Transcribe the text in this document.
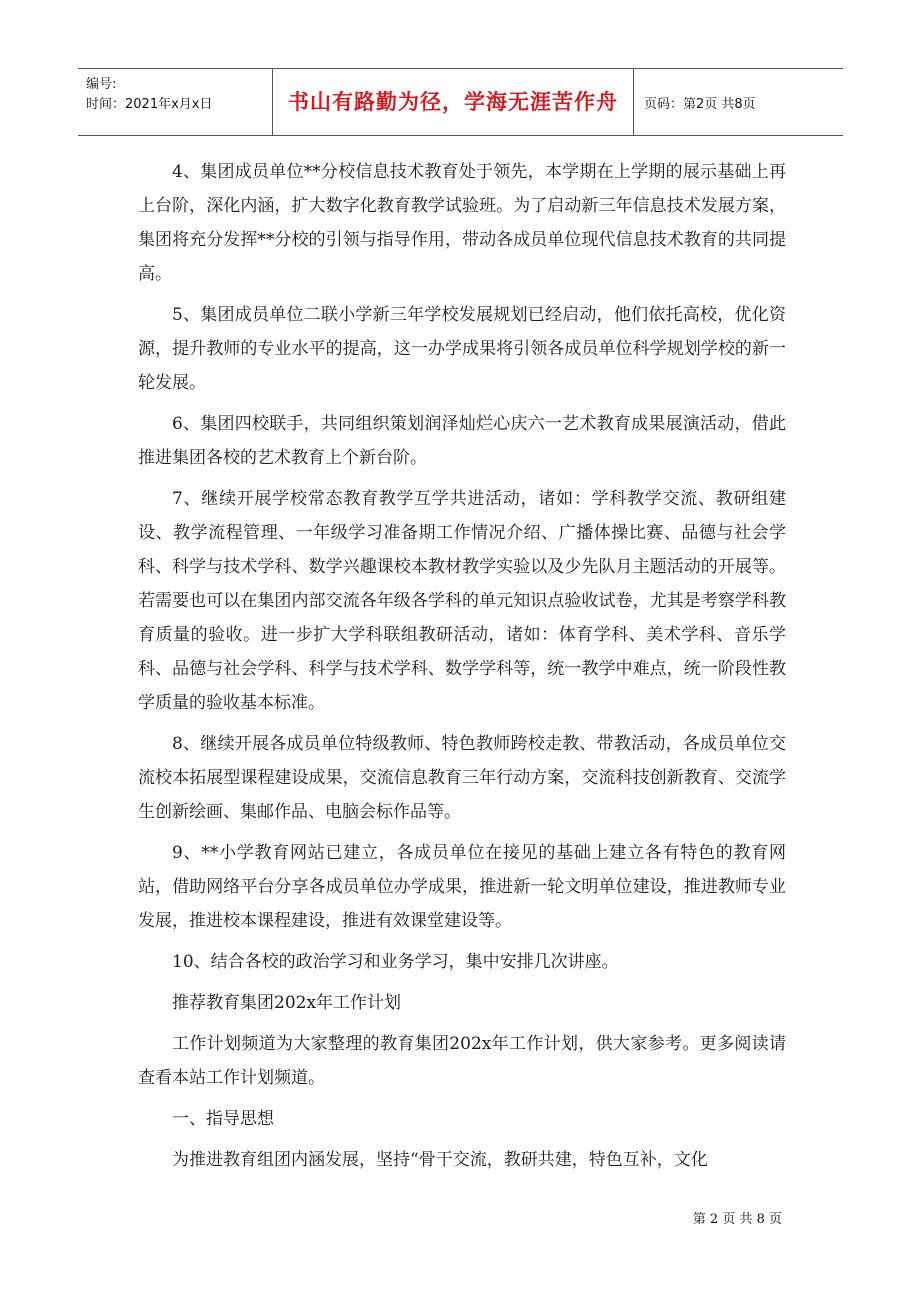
编号:
时间：2021年x月x日	书山有路勤为径，学海无涯苦作舟	页码：第2页 共8页

4、集团成员单位**分校信息技术教育处于领先，本学期在上学期的展示基础上再上台阶，深化内涵，扩大数字化教育教学试验班。为了启动新三年信息技术发展方案，集团将充分发挥**分校的引领与指导作用，带动各成员单位现代信息技术教育的共同提高。

5、集团成员单位二联小学新三年学校发展规划已经启动，他们依托高校，优化资源，提升教师的专业水平的提高，这一办学成果将引领各成员单位科学规划学校的新一轮发展。

6、集团四校联手，共同组织策划润泽灿烂心庆六一艺术教育成果展演活动，借此推进集团各校的艺术教育上个新台阶。

7、继续开展学校常态教育教学互学共进活动，诸如：学科教学交流、教研组建设、教学流程管理、一年级学习准备期工作情况介绍、广播体操比赛、品德与社会学科、科学与技术学科、数学兴趣课校本教材教学实验以及少先队月主题活动的开展等。若需要也可以在集团内部交流各年级各学科的单元知识点验收试卷，尤其是考察学科教育质量的验收。进一步扩大学科联组教研活动，诸如：体育学科、美术学科、音乐学科、品德与社会学科、科学与技术学科、数学学科等，统一教学中难点，统一阶段性教学质量的验收基本标准。

8、继续开展各成员单位特级教师、特色教师跨校走教、带教活动，各成员单位交流校本拓展型课程建设成果，交流信息教育三年行动方案，交流科技创新教育、交流学生创新绘画、集邮作品、电脑会标作品等。

9、**小学教育网站已建立，各成员单位在接见的基础上建立各有特色的教育网站，借助网络平台分享各成员单位办学成果，推进新一轮文明单位建设，推进教师专业发展，推进校本课程建设，推进有效课堂建设等。

10、结合各校的政治学习和业务学习，集中安排几次讲座。

推荐教育集团202x年工作计划

工作计划频道为大家整理的教育集团202x年工作计划，供大家参考。更多阅读请查看本站工作计划频道。

一、指导思想

为推进教育组团内涵发展，坚持“骨干交流，教研共建，特色互补，文化

第 2 页 共 8 页
